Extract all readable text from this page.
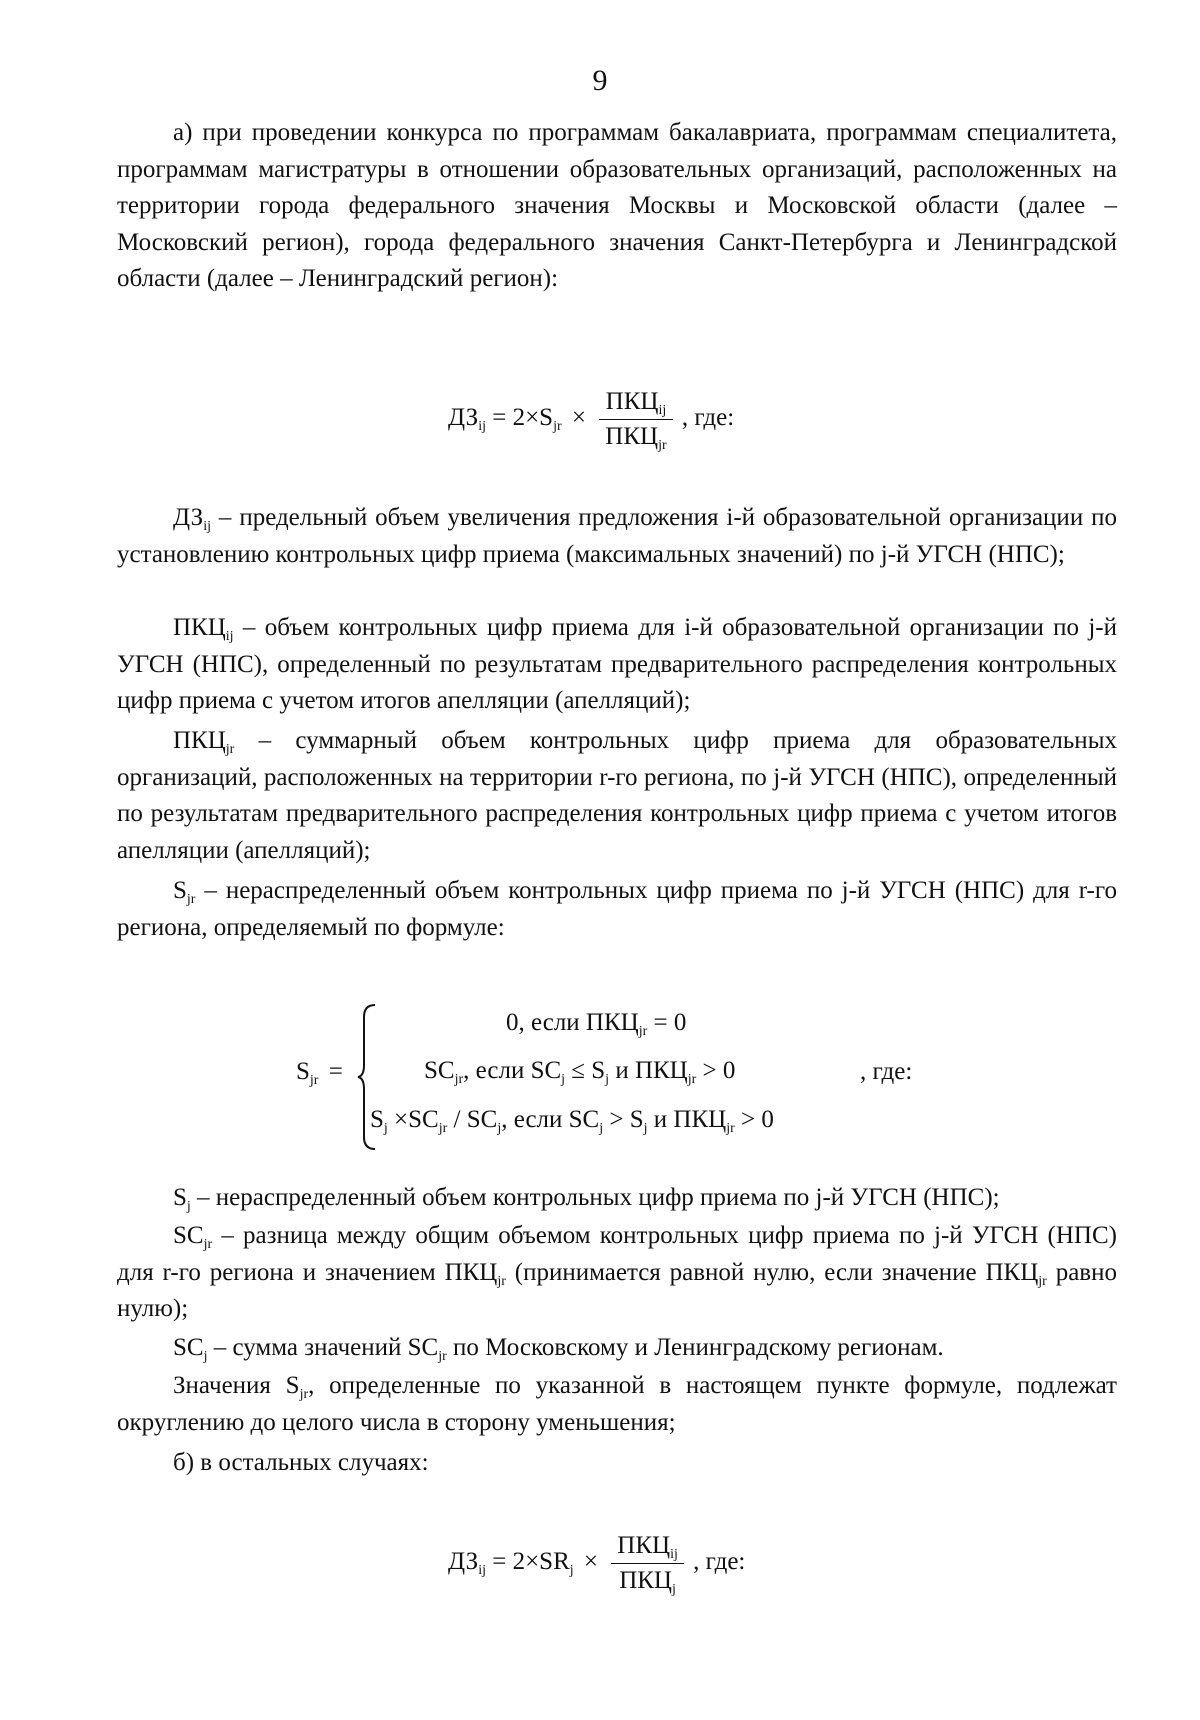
9
а) при проведении конкурса по программам бакалавриата, программам специалитета, программам магистратуры в отношении образовательных организаций, расположенных на территории города федерального значения Москвы и Московской области (далее – Московский регион), города федерального значения Санкт-Петербурга и Ленинградской области (далее – Ленинградский регион):
$ДЗ_{ij} = 2\times S_{jr} \times \frac{ПКЦ_{ij}}{ПКЦ_{jr}}$ , где:

$ДЗ_{ij}$ – предельный объем увеличения предложения i-й образовательной организации по установлению контрольных цифр приема (максимальных значений) по j-й УГСН (НПС);

$ПКЦ_{ij}$ – объем контрольных цифр приема для i-й образовательной организации по j-й УГСН (НПС), определенный по результатам предварительного распределения контрольных цифр приема с учетом итогов апелляции (апелляций);

$ПКЦ_{jr}$ – суммарный объем контрольных цифр приема для образовательных организаций, расположенных на территории r-го региона, по j-й УГСН (НПС), определенный по результатам предварительного распределения контрольных цифр приема с учетом итогов апелляции (апелляций);

$S_{jr}$ – нераспределенный объем контрольных цифр приема по j-й УГСН (НПС) для r-го региона, определяемый по формуле:

$S_{jr}$ =
0, если $ПКЦ_{jr} = 0$
$SC_{jr}$, если $SC_j \le S_j$ и $ПКЦ_{jr} > 0$
$S_j \times SC_{jr} / SC_j$, если $SC_j > S_j$ и $ПКЦ_{jr} > 0$
, где:

$S_j$ – нераспределенный объем контрольных цифр приема по j-й УГСН (НПС);

$SC_{jr}$ – разница между общим объемом контрольных цифр приема по j-й УГСН (НПС) для r-го региона и значением $ПКЦ_{jr}$ (принимается равной нулю, если значение $ПКЦ_{jr}$ равно нулю);

$SC_j$ – сумма значений $SC_{jr}$ по Московскому и Ленинградскому регионам.

Значения $S_{jr}$, определенные по указанной в настоящем пункте формуле, подлежат округлению до целого числа в сторону уменьшения;

б) в остальных случаях:

$ДЗ_{ij} = 2\times SR_j \times \frac{ПКЦ_{ij}}{ПКЦ_j}$ , где:
